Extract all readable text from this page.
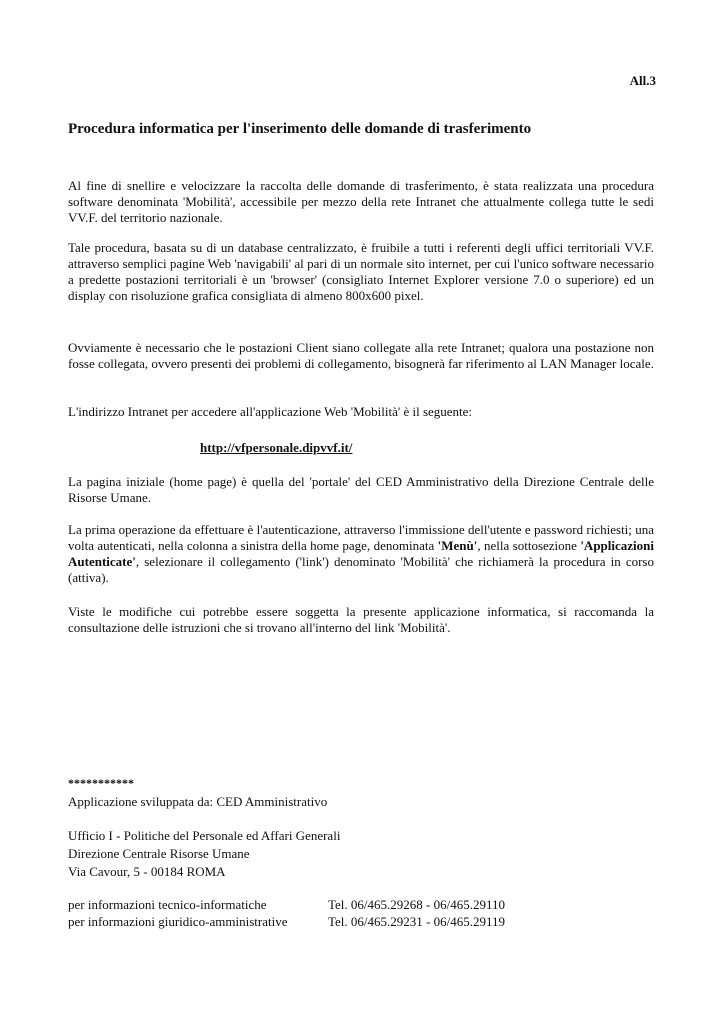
All.3
Procedura informatica per l'inserimento delle domande di trasferimento

Al fine di snellire e velocizzare la raccolta delle domande di trasferimento, è stata realizzata una procedura software denominata 'Mobilità', accessibile per mezzo della rete Intranet che attualmente collega tutte le sedi VV.F. del territorio nazionale.

Tale procedura, basata su di un database centralizzato, è fruibile a tutti i referenti degli uffici territoriali VV.F. attraverso semplici pagine Web 'navigabili' al pari di un normale sito internet, per cui l'unico software necessario a predette postazioni territoriali è un 'browser' (consigliato Internet Explorer versione 7.0 o superiore) ed un display con risoluzione grafica consigliata di almeno 800x600 pixel.

Ovviamente è necessario che le postazioni Client siano collegate alla rete Intranet; qualora una postazione non fosse collegata, ovvero presenti dei problemi di collegamento, bisognerà far riferimento al LAN Manager locale.

L'indirizzo Intranet per accedere all'applicazione Web 'Mobilità' è il seguente:

http://vfpersonale.dipvvf.it/

La pagina iniziale (home page) è quella del 'portale' del CED Amministrativo della Direzione Centrale delle Risorse Umane.

La prima operazione da effettuare è l'autenticazione, attraverso l'immissione dell'utente e password richiesti; una volta autenticati, nella colonna a sinistra della home page, denominata 'Menù', nella sottosezione 'Applicazioni Autenticate', selezionare il collegamento ('link') denominato 'Mobilità' che richiamerà la procedura in corso (attiva).

Viste le modifiche cui potrebbe essere soggetta la presente applicazione informatica, si raccomanda la consultazione delle istruzioni che si trovano all'interno del link 'Mobilità'.

***********
Applicazione sviluppata da: CED Amministrativo
Ufficio I - Politiche del Personale ed Affari Generali
Direzione Centrale Risorse Umane
Via Cavour, 5 - 00184 ROMA
per informazioni tecnico-informatiche	Tel. 06/465.29268 - 06/465.29110
per informazioni giuridico-amministrative	Tel. 06/465.29231 - 06/465.29119
